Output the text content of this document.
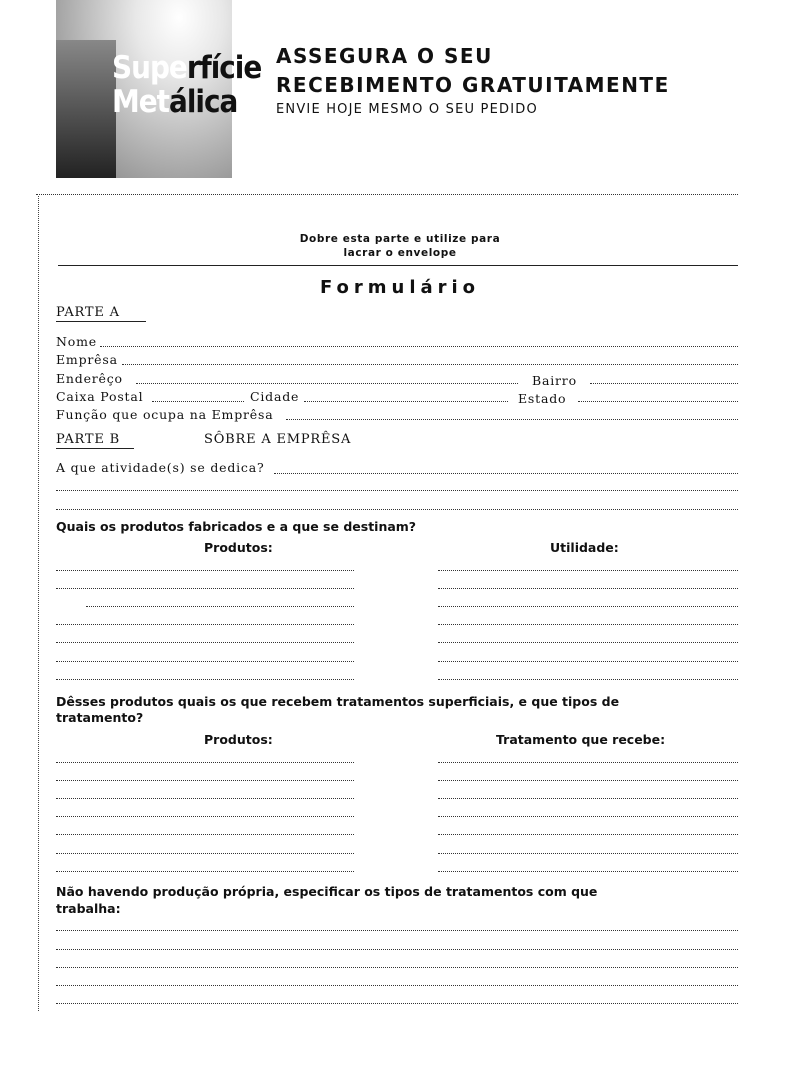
Superfície
Metálica
ASSEGURA O SEU
RECEBIMENTO GRATUITAMENTE
ENVIE HOJE MESMO O SEU PEDIDO
Dobre esta parte e utilize para
lacrar o envelope
Formulário
PARTE A
Nome
Emprêsa
Enderêço	Bairro
Caixa Postal	Cidade	Estado
Função que ocupa na Emprêsa
PARTE B	SÔBRE A EMPRÊSA
A que atividade(s) se dedica?
Quais os produtos fabricados e a que se destinam?
Produtos:	Utilidade:
Dêsses produtos quais os que recebem tratamentos superficiais, e que tipos de
tratamento?
Produtos:	Tratamento que recebe:
Não havendo produção própria, especificar os tipos de tratamentos com que
trabalha:
